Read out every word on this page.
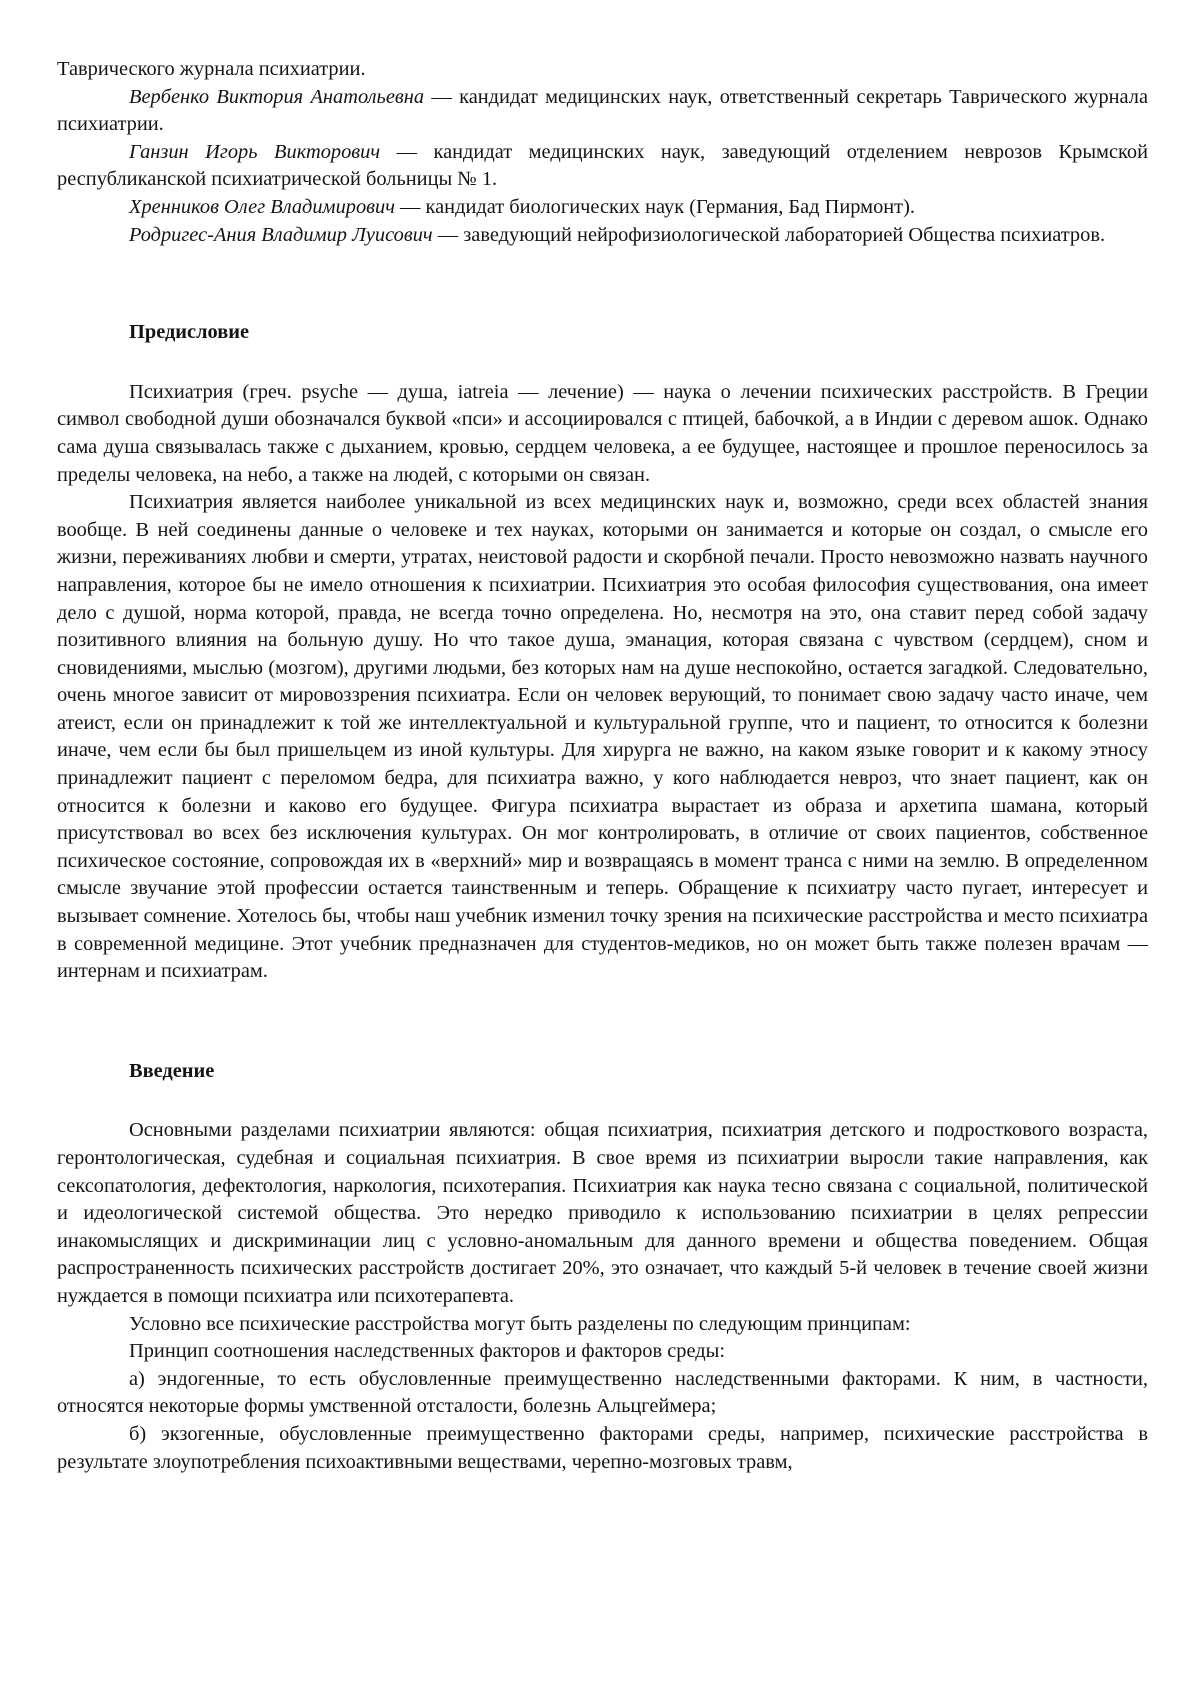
Таврического журнала психиатрии.

Вербенко Виктория Анатольевна — кандидат медицинских наук, ответственный секретарь Таврического журнала психиатрии.

Ганзин Игорь Викторович — кандидат медицинских наук, заведующий отделением неврозов Крымской республиканской психиатрической больницы № 1.

Хренников Олег Владимирович — кандидат биологических наук (Германия, Бад Пирмонт).

Родригес-Ания Владимир Луисович — заведующий нейрофизиологической лабораторией Общества психиатров.

Предисловие

Психиатрия (греч. psyche — душа, iatreia — лечение) — наука о лечении психических расстройств. В Греции символ свободной души обозначался буквой «пси» и ассоциировался с птицей, бабочкой, а в Индии с деревом ашок. Однако сама душа связывалась также с дыханием, кровью, сердцем человека, а ее будущее, настоящее и прошлое переносилось за пределы человека, на небо, а также на людей, с которыми он связан.

Психиатрия является наиболее уникальной из всех медицинских наук и, возможно, среди всех областей знания вообще. В ней соединены данные о человеке и тех науках, которыми он занимается и которые он создал, о смысле его жизни, переживаниях любви и смерти, утратах, неистовой радости и скорбной печали. Просто невозможно назвать научного направления, которое бы не имело отношения к психиатрии. Психиатрия это особая философия существования, она имеет дело с душой, норма которой, правда, не всегда точно определена. Но, несмотря на это, она ставит перед собой задачу позитивного влияния на больную душу. Но что такое душа, эманация, которая связана с чувством (сердцем), сном и сновидениями, мыслью (мозгом), другими людьми, без которых нам на душе неспокойно, остается загадкой. Следовательно, очень многое зависит от мировоззрения психиатра. Если он человек верующий, то понимает свою задачу часто иначе, чем атеист, если он принадлежит к той же интеллектуальной и культуральной группе, что и пациент, то относится к болезни иначе, чем если бы был пришельцем из иной культуры. Для хирурга не важно, на каком языке говорит и к какому этносу принадлежит пациент с переломом бедра, для психиатра важно, у кого наблюдается невроз, что знает пациент, как он относится к болезни и каково его будущее. Фигура психиатра вырастает из образа и архетипа шамана, который присутствовал во всех без исключения культурах. Он мог контролировать, в отличие от своих пациентов, собственное психическое состояние, сопровождая их в «верхний» мир и возвращаясь в момент транса с ними на землю. В определенном смысле звучание этой профессии остается таинственным и теперь. Обращение к психиатру часто пугает, интересует и вызывает сомнение. Хотелось бы, чтобы наш учебник изменил точку зрения на психические расстройства и место психиатра в современной медицине. Этот учебник предназначен для студентов-медиков, но он может быть также полезен врачам — интернам и психиатрам.

Введение

Основными разделами психиатрии являются: общая психиатрия, психиатрия детского и подросткового возраста, геронтологическая, судебная и социальная психиатрия. В свое время из психиатрии выросли такие направления, как сексопатология, дефектология, наркология, психотерапия. Психиатрия как наука тесно связана с социальной, политической и идеологической системой общества. Это нередко приводило к использованию психиатрии в целях репрессии инакомыслящих и дискриминации лиц с условно-аномальным для данного времени и общества поведением. Общая распространенность психических расстройств достигает 20%, это означает, что каждый 5-й человек в течение своей жизни нуждается в помощи психиатра или психотерапевта.

Условно все психические расстройства могут быть разделены по следующим принципам:

Принцип соотношения наследственных факторов и факторов среды:

а) эндогенные, то есть обусловленные преимущественно наследственными факторами. К ним, в частности, относятся некоторые формы умственной отсталости, болезнь Альцгеймера;

б) экзогенные, обусловленные преимущественно факторами среды, например, психические расстройства в результате злоупотребления психоактивными веществами, черепно-мозговых травм,
